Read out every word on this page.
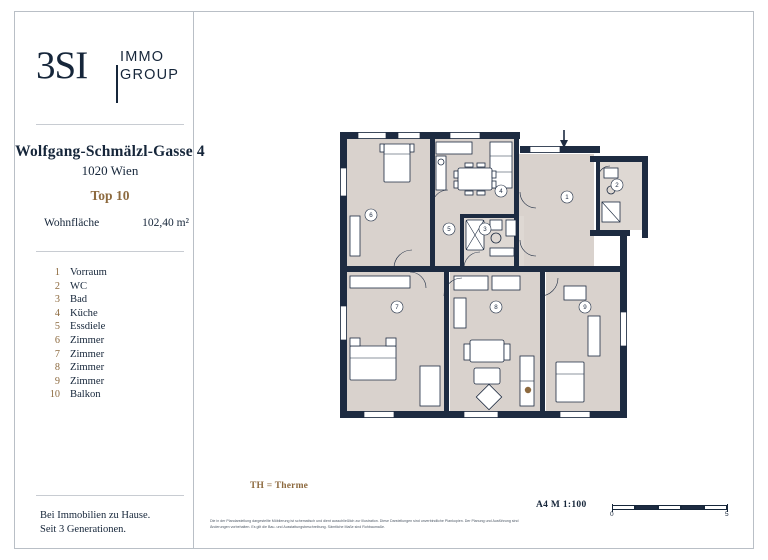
3SI IMMO
GROUP
Wolfgang-Schmälzl-Gasse 4
1020 Wien
Top 10
Wohnfläche	102,40 m²
1 Vorraum
2 WC
3 Bad
4 Küche
5 Essdiele
6 Zimmer
7 Zimmer
8 Zimmer
9 Zimmer
10 Balkon
Bei Immobilien zu Hause.
Seit 3 Generationen.
1
2
3
4
5
6
7	8	9
TH = Therme
Die in der Plandarstellung dargestellte Möblierung ist schematisch und dient ausschließlich zur Illustration. Diese Darstellungen sind unverbindliche Plankopien. Der Planung und Ausführung sind Änderungen vorbehalten. Es gilt die Bau- und Ausstattungsbeschreibung. Sämtliche Maße sind Rohbaumaße.
A4 M 1:100
0	5
